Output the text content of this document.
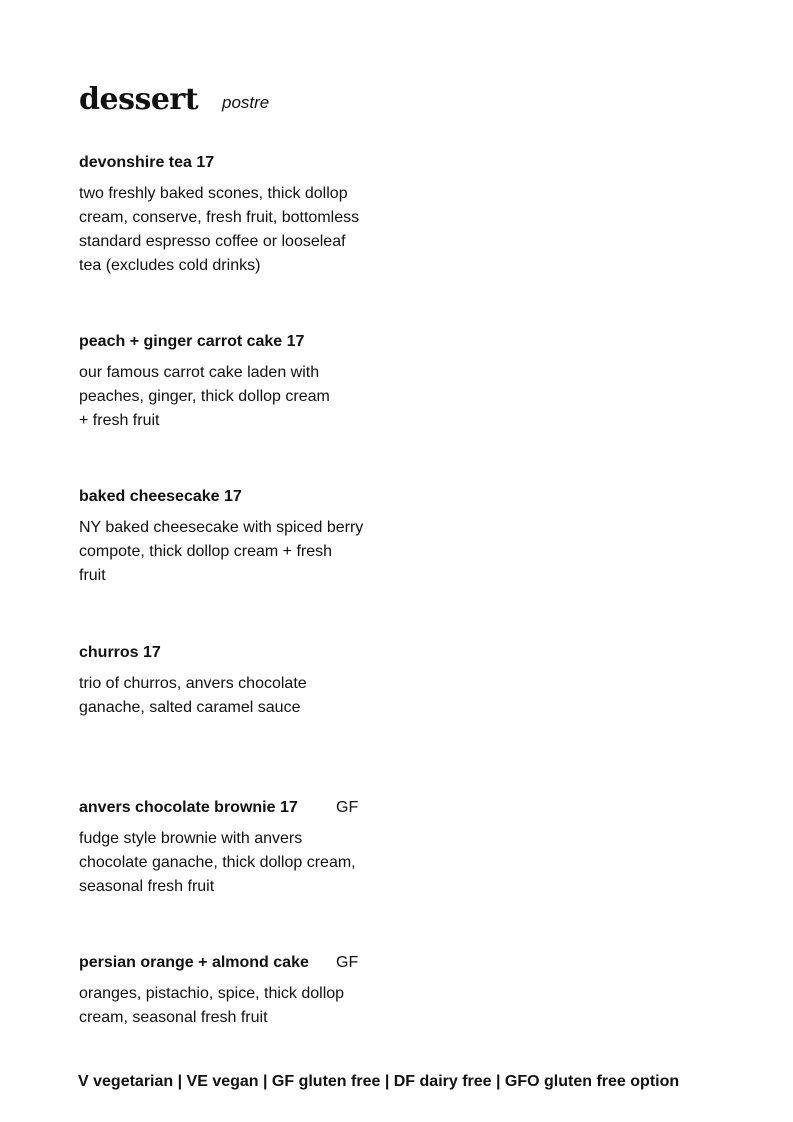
dessert postre
devonshire tea 17
two freshly baked scones, thick dollop
cream, conserve, fresh fruit, bottomless
standard espresso coffee or looseleaf
tea (excludes cold drinks)
peach + ginger carrot cake 17
our famous carrot cake laden with
peaches, ginger, thick dollop cream
+ fresh fruit
baked cheesecake 17
NY baked cheesecake with spiced berry
compote, thick dollop cream + fresh
fruit
churros 17
trio of churros, anvers chocolate
ganache, salted caramel sauce
anvers chocolate brownie 17 GF
fudge style brownie with anvers
chocolate ganache, thick dollop cream,
seasonal fresh fruit
persian orange + almond cake GF
oranges, pistachio, spice, thick dollop
cream, seasonal fresh fruit
V vegetarian | VE vegan | GF gluten free | DF dairy free | GFO gluten free option
